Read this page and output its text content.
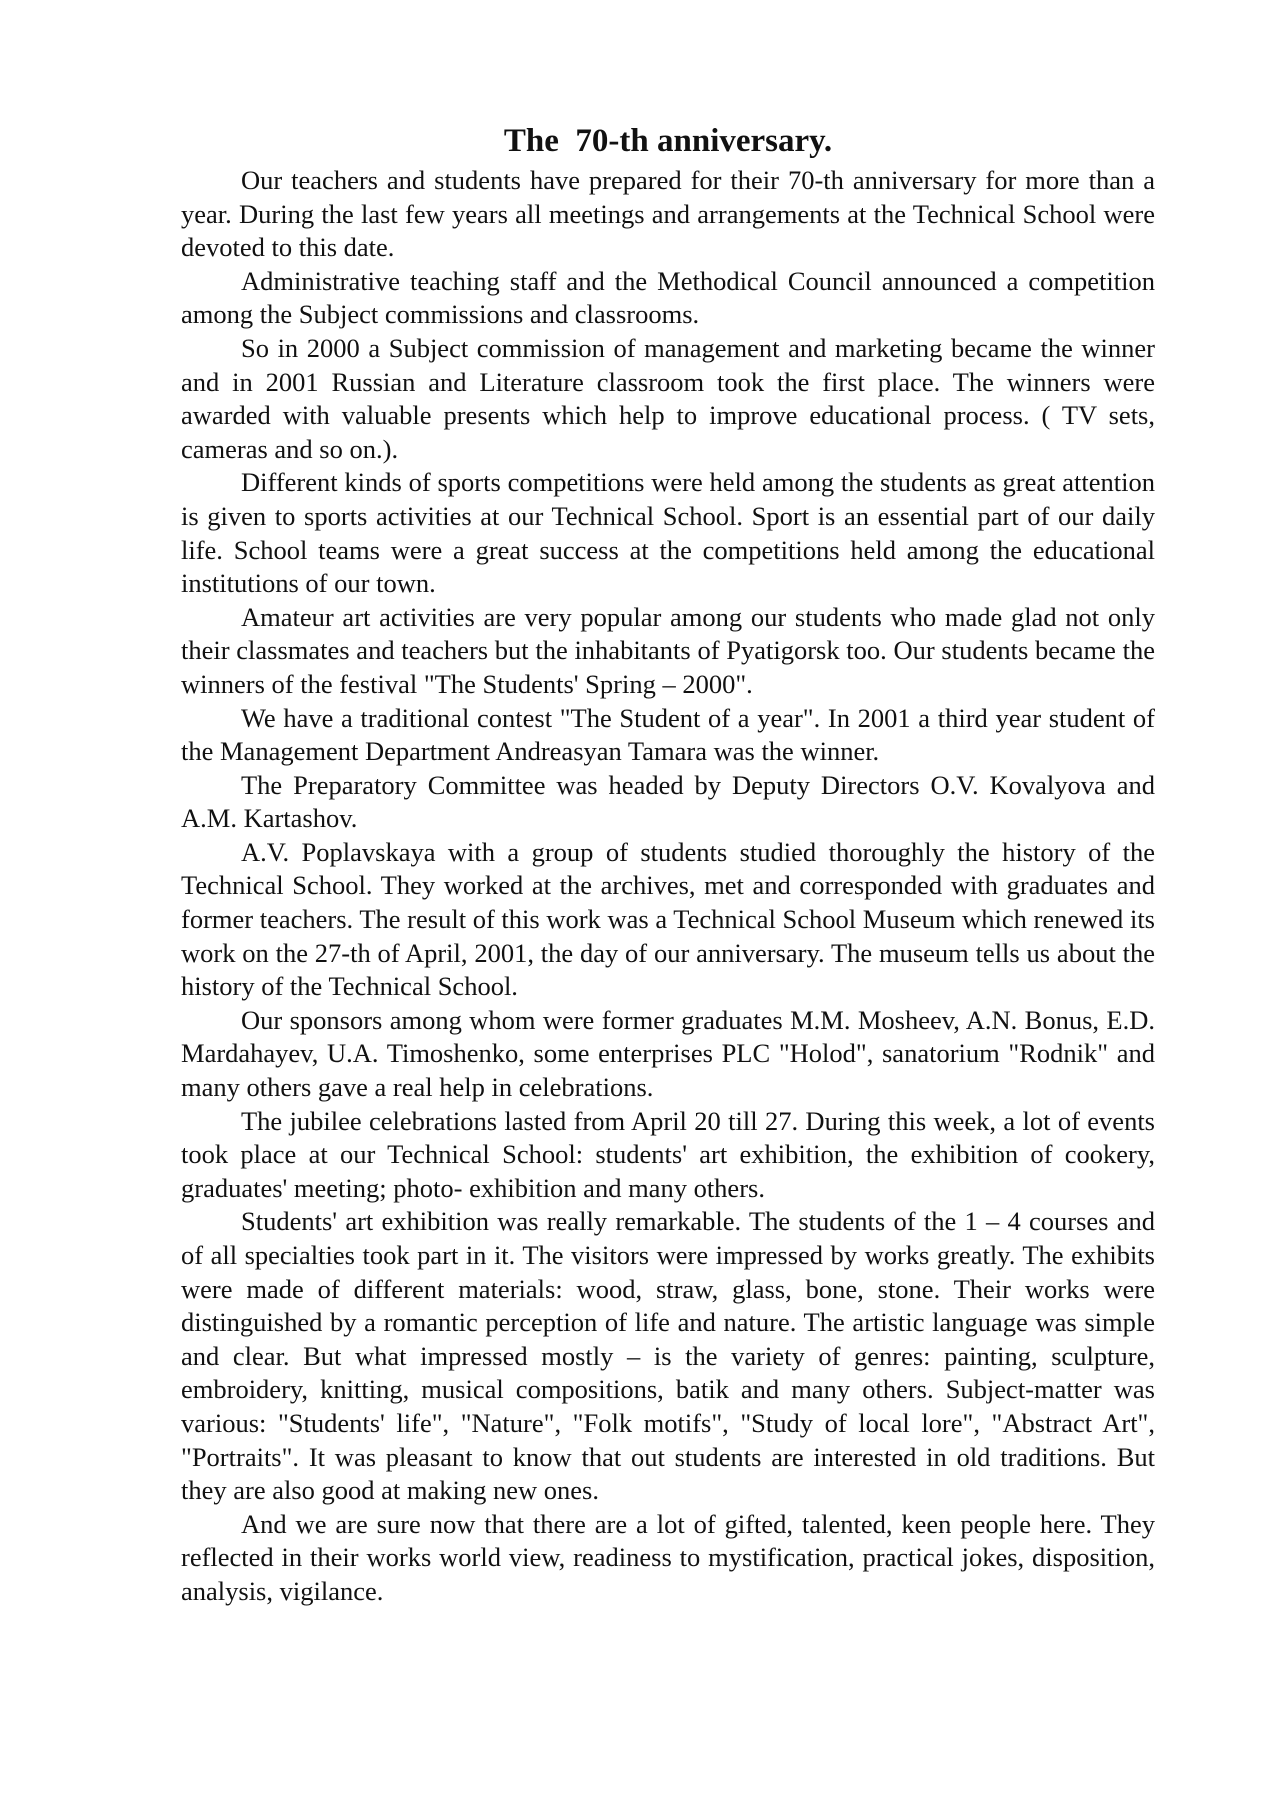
The  70-th anniversary.

Our teachers and students have prepared for their 70-th anniversary for more than a year. During the last few years all meetings and arrangements at the Technical School were devoted to this date.

Administrative teaching staff and the Methodical Council announced a competition among the Subject commissions and classrooms.

So in 2000 a Subject commission of management and marketing became the winner and in 2001 Russian and Literature classroom took the first place. The winners were awarded with valuable presents which help to improve educational process. ( TV sets, cameras and so on.).

Different kinds of sports competitions were held among the students as great attention is given to sports activities at our Technical School. Sport is an essential part of our daily life. School teams were a great success at the competitions held among the educational institutions of our town.

Amateur art activities are very popular among our students who made glad not only their classmates and teachers but the inhabitants of Pyatigorsk too. Our students became the winners of the festival "The Students' Spring – 2000".

We have a traditional contest "The Student of a year". In 2001 a third year student of the Management Department Andreasyan Tamara was the winner.

The Preparatory Committee was headed by Deputy Directors O.V. Kovalyova and A.M. Kartashov.

A.V. Poplavskaya with a group of students studied thoroughly the history of the Technical School. They worked at the archives, met and corresponded with graduates and former teachers. The result of this work was a Technical School Museum which renewed its work on the 27-th of April, 2001, the day of our anniversary. The museum tells us about the history of the Technical School.

Our sponsors among whom were former graduates M.M. Mosheev, A.N. Bonus, E.D. Mardahayev, U.A. Timoshenko, some enterprises PLC "Holod", sanatorium "Rodnik" and many others gave a real help in celebrations.

The jubilee celebrations lasted from April 20 till 27. During this week, a lot of events took place at our Technical School: students' art exhibition, the exhibition of cookery, graduates' meeting; photo- exhibition and many others.

Students' art exhibition was really remarkable. The students of the 1 – 4 courses and of all specialties took part in it. The visitors were impressed by works greatly. The exhibits were made of different materials: wood, straw, glass, bone, stone. Their works were distinguished by a romantic perception of life and nature. The artistic language was simple and clear. But what impressed mostly – is the variety of genres: painting, sculpture, embroidery, knitting, musical compositions, batik and many others. Subject-matter was various: "Students' life", "Nature", "Folk motifs", "Study of local lore", "Abstract Art", "Portraits". It was pleasant to know that out students are interested in old traditions. But they are also good at making new ones.

And we are sure now that there are a lot of gifted, talented, keen people here. They reflected in their works world view, readiness to mystification, practical jokes, disposition, analysis, vigilance.
